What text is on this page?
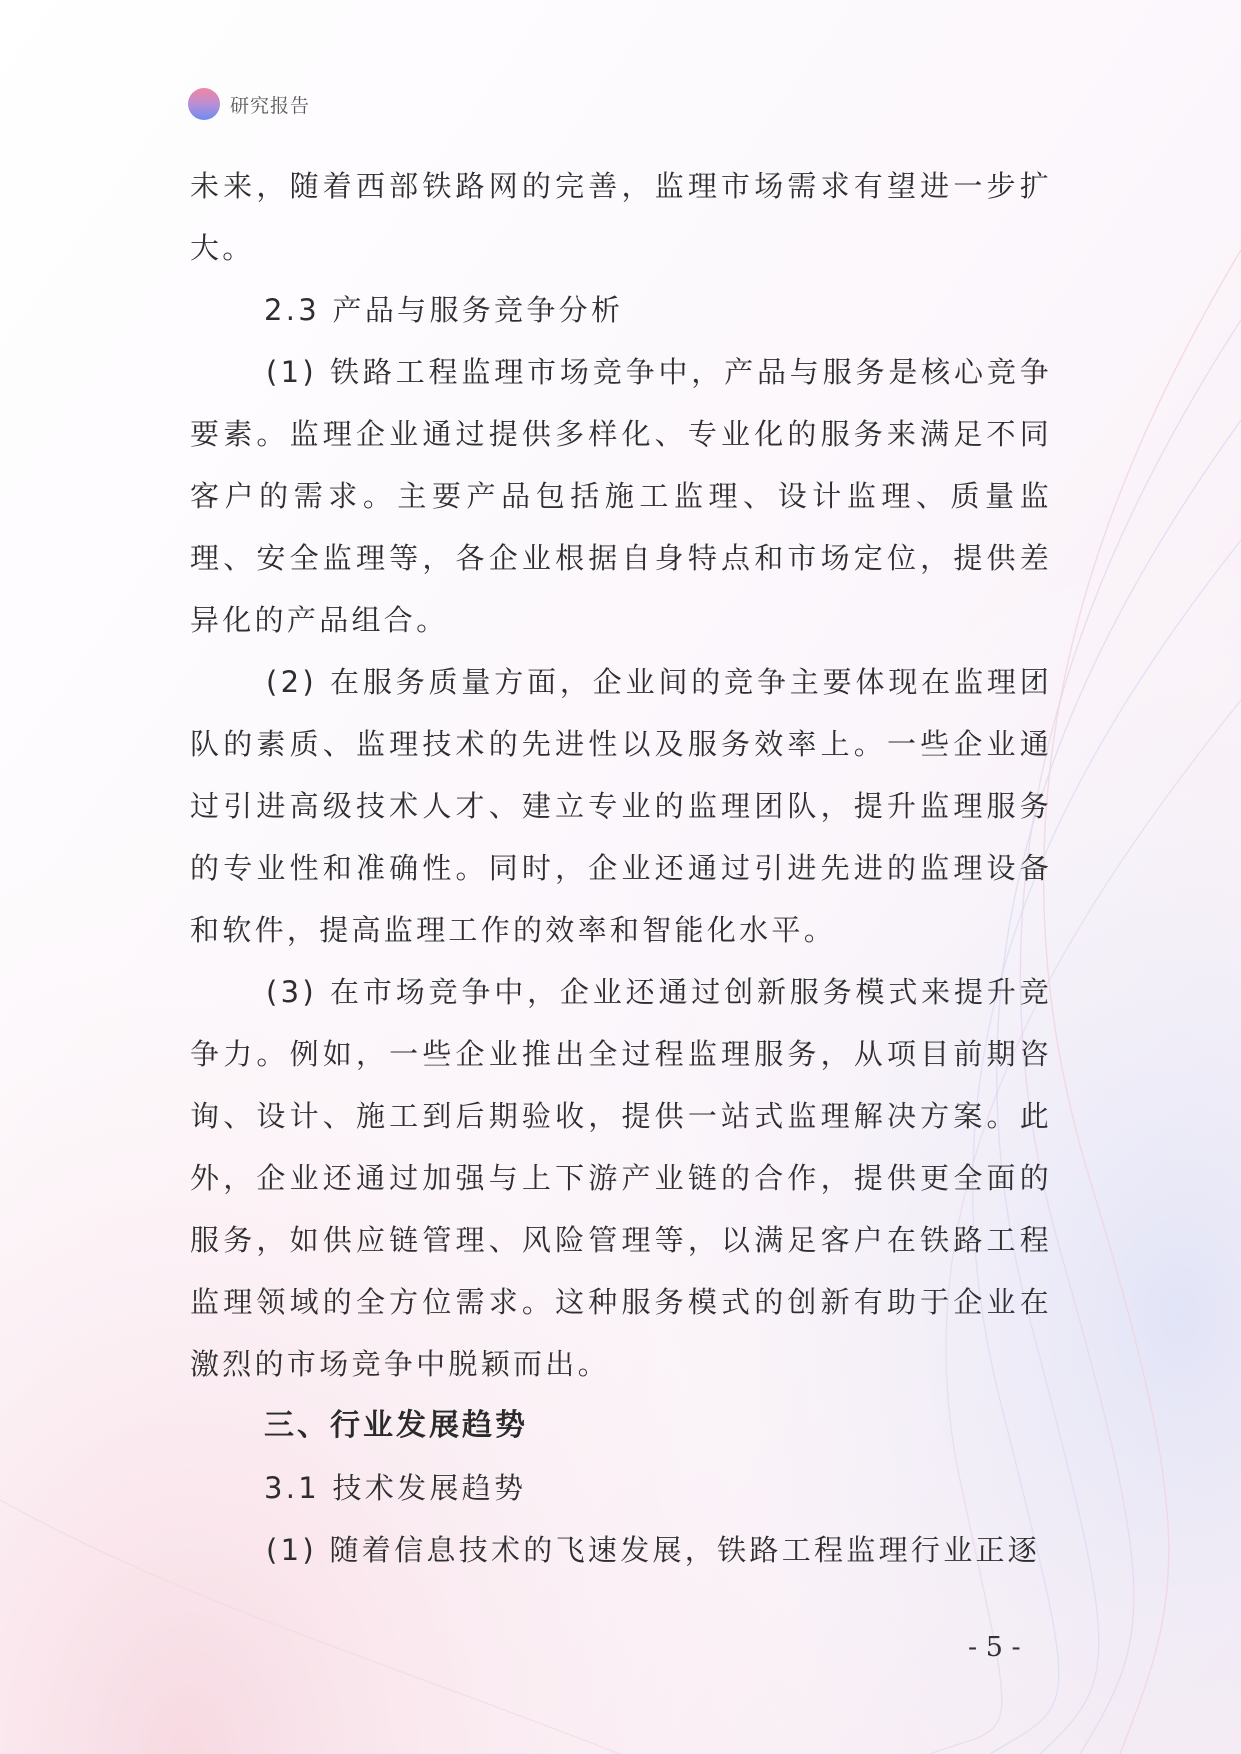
研究报告

未来，随着西部铁路网的完善，监理市场需求有望进一步扩大。

2.3 产品与服务竞争分析

(1) 铁路工程监理市场竞争中，产品与服务是核心竞争要素。监理企业通过提供多样化、专业化的服务来满足不同客户的需求。主要产品包括施工监理、设计监理、质量监理、安全监理等，各企业根据自身特点和市场定位，提供差异化的产品组合。

(2) 在服务质量方面，企业间的竞争主要体现在监理团队的素质、监理技术的先进性以及服务效率上。一些企业通过引进高级技术人才、建立专业的监理团队，提升监理服务的专业性和准确性。同时，企业还通过引进先进的监理设备和软件，提高监理工作的效率和智能化水平。

(3) 在市场竞争中，企业还通过创新服务模式来提升竞争力。例如，一些企业推出全过程监理服务，从项目前期咨询、设计、施工到后期验收，提供一站式监理解决方案。此外，企业还通过加强与上下游产业链的合作，提供更全面的服务，如供应链管理、风险管理等，以满足客户在铁路工程监理领域的全方位需求。这种服务模式的创新有助于企业在激烈的市场竞争中脱颖而出。

三、行业发展趋势

3.1 技术发展趋势

(1) 随着信息技术的飞速发展，铁路工程监理行业正逐

- 5 -
